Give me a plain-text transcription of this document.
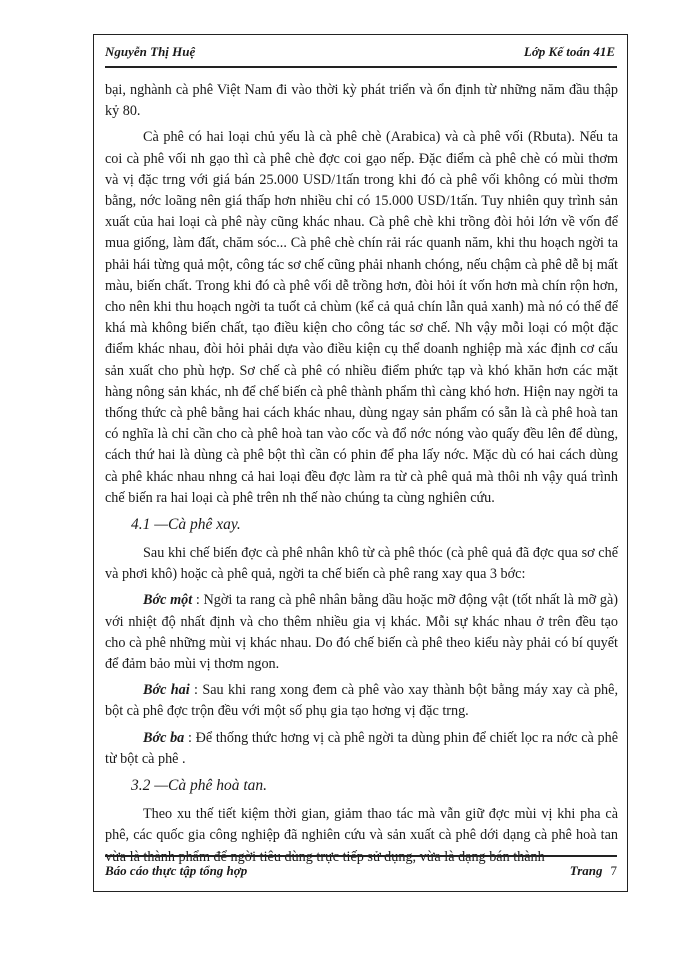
Nguyễn Thị Huệ	Lớp Kế toán 41E

bại, nghành cà phê Việt Nam đi vào thời kỳ phát triển và ổn định từ những năm đầu thập kỷ 80.

Cà phê có hai loại chủ yếu là cà phê chè (Arabica) và cà phê vối (Rbuta). Nếu ta coi cà phê vối nh gạo thì cà phê chè đợc coi gạo nếp. Đặc điểm cà phê chè có mùi thơm và vị đặc trng với giá bán 25.000 USD/1tấn trong khi đó cà phê vối không có mùi thơm bằng, nớc loãng nên giá thấp hơn nhiều chỉ có 15.000 USD/1tấn. Tuy nhiên quy trình sản xuất của hai loại cà phê này cũng khác nhau. Cà phê chè khi trồng đòi hỏi lớn về vốn để mua giống, làm đất, chăm sóc... Cà phê chè chín rải rác quanh năm, khi thu hoạch ngời ta phải hái từng quả một, công tác sơ chế cũng phải nhanh chóng, nếu chậm cà phê dễ bị mất màu, biến chất. Trong khi đó cà phê vối dễ trồng hơn, đòi hỏi ít vốn hơn mà chín rộn hơn, cho nên khi thu hoạch ngời ta tuốt cả chùm (kể cả quả chín lẫn quả xanh) mà nó có thể để khá mà không biến chất, tạo điều kiện cho công tác sơ chế. Nh vậy mỗi loại có một đặc điểm khác nhau, đòi hỏi phải dựa vào điều kiện cụ thể doanh nghiệp mà xác định cơ cấu sản xuất cho phù hợp. Sơ chế cà phê có nhiều điểm phức tạp và khó khăn hơn các mặt hàng nông sản khác, nh để chế biến cà phê thành phẩm thì càng khó hơn. Hiện nay ngời ta thống thức cà phê bằng hai cách khác nhau, dùng ngay sản phẩm có sẵn là cà phê hoà tan có nghĩa là chỉ cần cho cà phê hoà tan vào cốc và đổ nớc nóng vào quấy đều lên để dùng, cách thứ hai là dùng cà phê bột thì cần có phin để pha lấy nớc. Mặc dù có hai cách dùng cà phê khác nhau nhng cả hai loại đều đợc làm ra từ cà phê quả mà thôi nh vậy quá trình chế biến ra hai loại cà phê trên nh thế nào chúng ta cùng nghiên cứu.

4.1 —Cà phê xay.

Sau khi chế biến đợc cà phê nhân khô từ cà phê thóc (cà phê quả đã đợc qua sơ chế và phơi khô) hoặc cà phê quả, ngời ta chế biến cà phê rang xay qua 3 bớc:

Bớc một : Ngời ta rang cà phê nhân bằng dầu hoặc mỡ động vật (tốt nhất là mỡ gà) với nhiệt độ nhất định và cho thêm nhiều gia vị khác. Mỗi sự khác nhau ở trên đều tạo cho cà phê những mùi vị khác nhau. Do đó chế biến cà phê theo kiểu này phải có bí quyết để đảm bảo mùi vị thơm ngon.

Bớc hai : Sau khi rang xong đem cà phê vào xay thành bột bằng máy xay cà phê, bột cà phê đợc trộn đều với một số phụ gia tạo hơng vị đặc trng.

Bớc ba : Để thống thức hơng vị cà phê ngời ta dùng phin để chiết lọc ra nớc cà phê từ bột cà phê .

3.2 —Cà phê hoà tan.

Theo xu thế tiết kiệm thời gian, giảm thao tác mà vẫn giữ đợc mùi vị khi pha cà phê, các quốc gia công nghiệp đã nghiên cứu và sản xuất cà phê dới dạng cà phê hoà tan vừa là thành phẩm để ngời tiêu dùng trực tiếp sử dụng, vừa là dạng bán thành

Báo cáo thực tập tổng hợp	Trang 7
